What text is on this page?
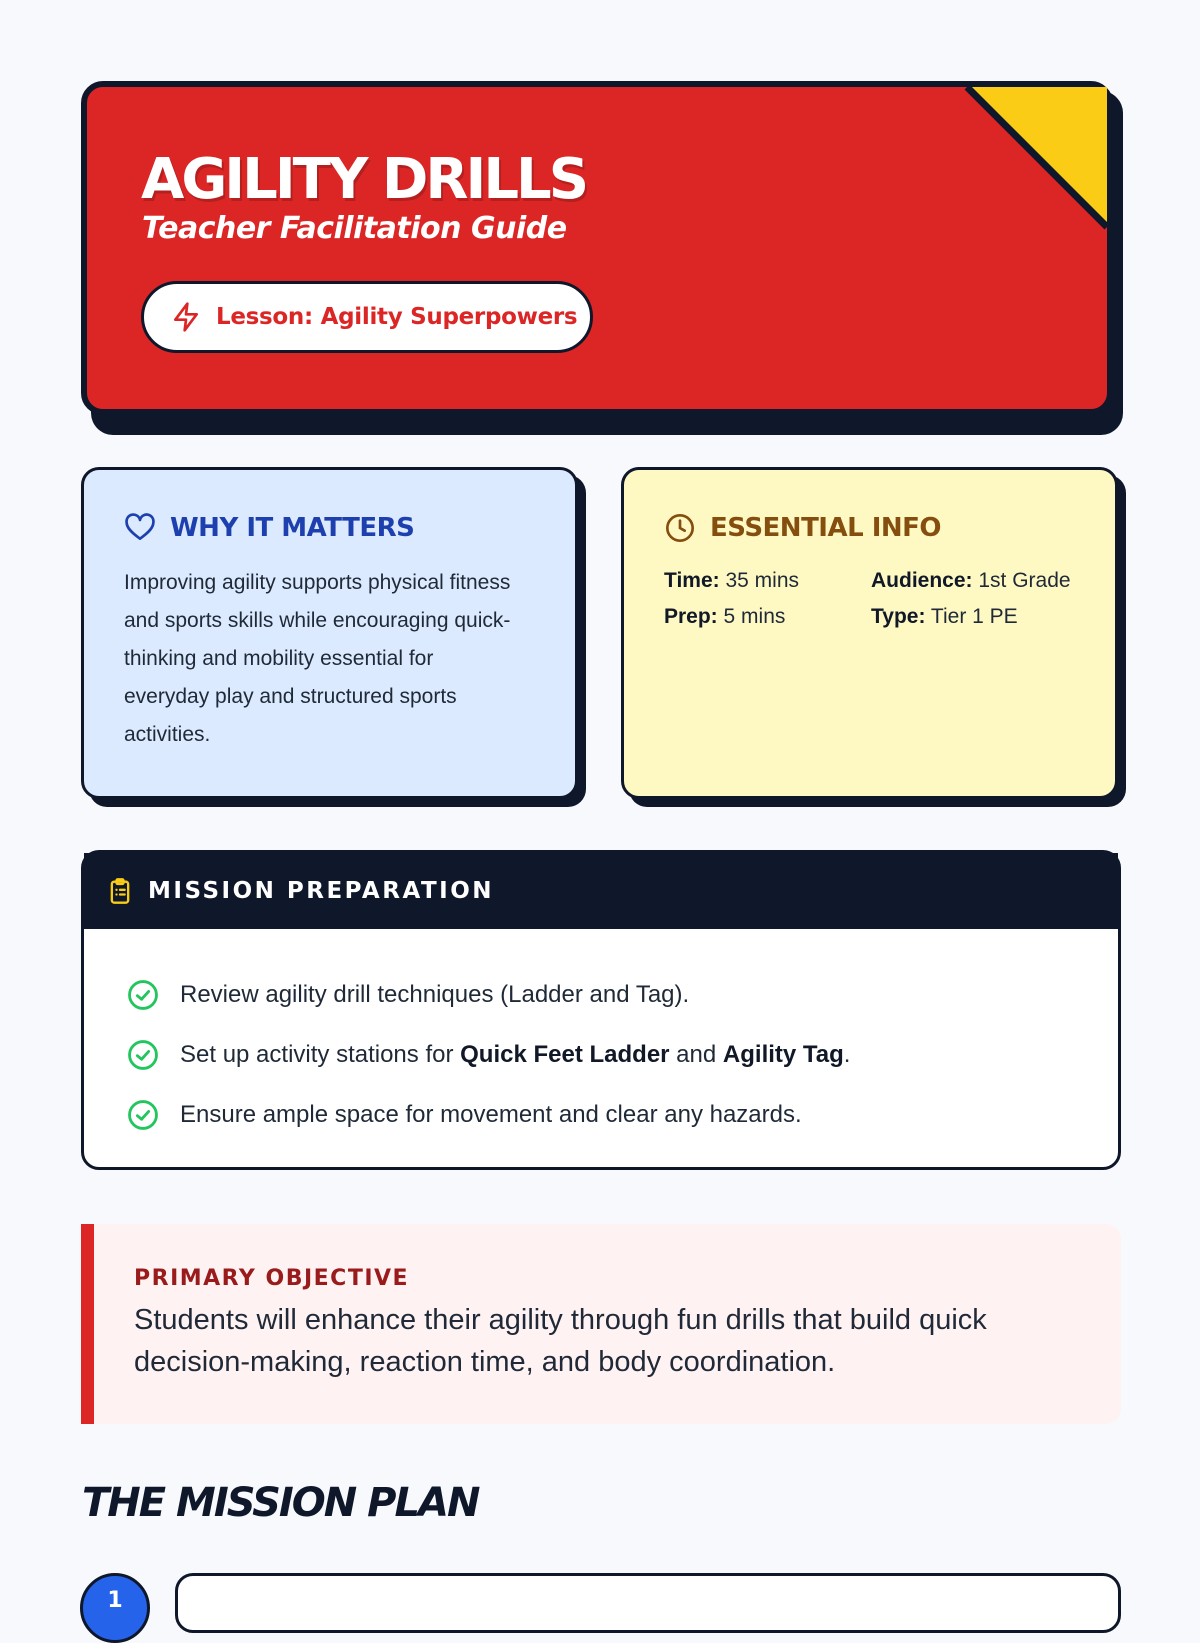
AGILITY DRILLS
Teacher Facilitation Guide
Lesson: Agility Superpowers
WHY IT MATTERS

Improving agility supports physical fitness and sports skills while encouraging quick-thinking and mobility essential for everyday play and structured sports activities.

ESSENTIAL INFO
Time: 35 mins	Audience: 1st Grade
Prep: 5 mins	Type: Tier 1 PE
MISSION PREPARATION
Review agility drill techniques (Ladder and Tag).
Set up activity stations for Quick Feet Ladder and Agility Tag.
Ensure ample space for movement and clear any hazards.
PRIMARY OBJECTIVE

Students will enhance their agility through fun drills that build quick decision-making, reaction time, and body coordination.

THE MISSION PLAN
1
